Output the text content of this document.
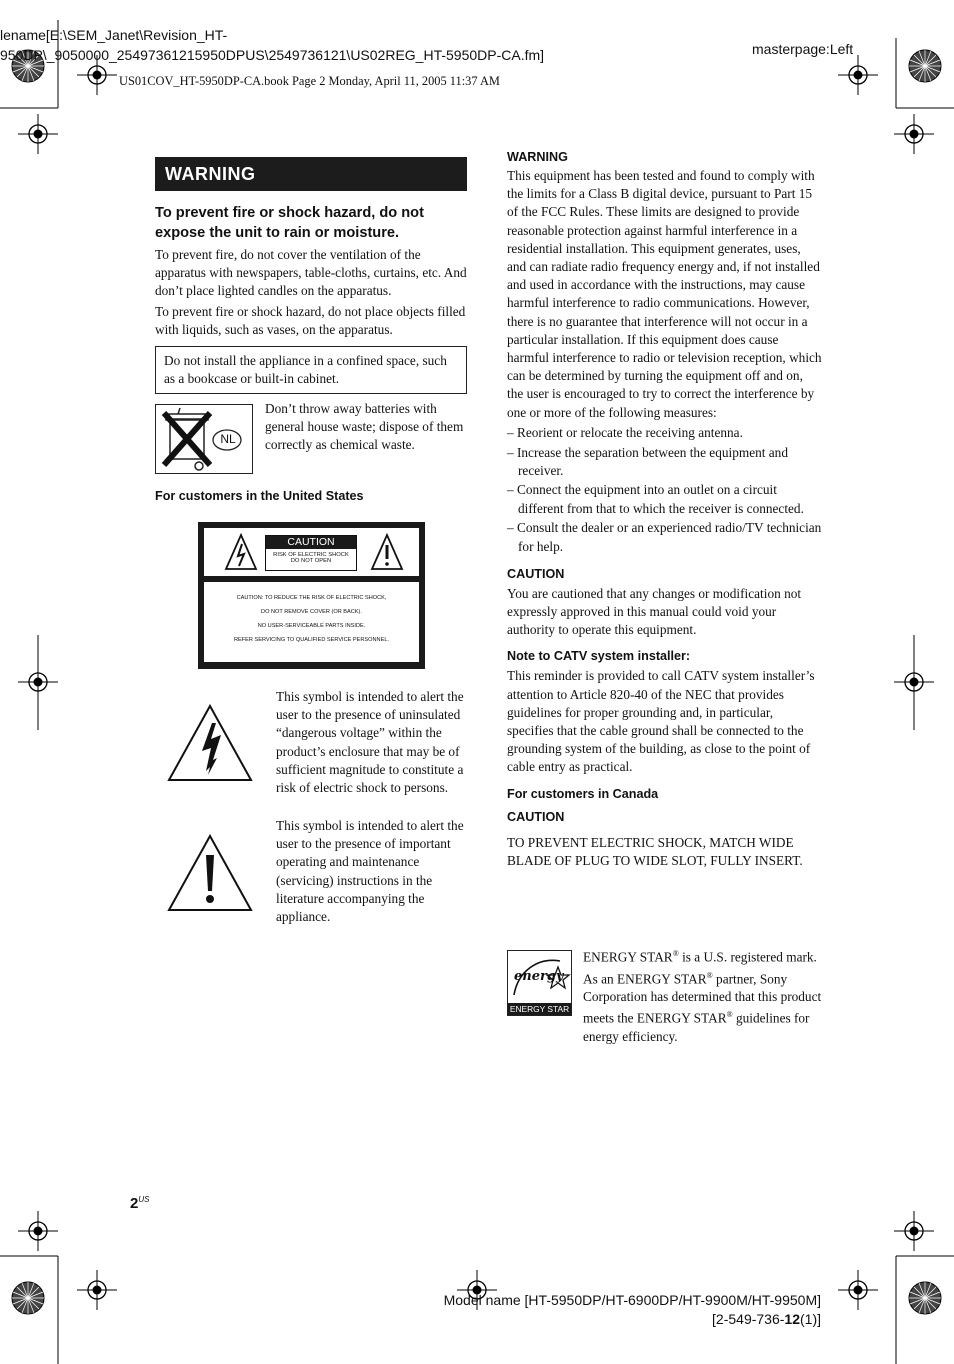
lename[E:\SEM_Janet\Revision_HT-
950DP\_9050000_25497361215950DPUS\2549736121\US02REG_HT-5950DP-CA.fm]	masterpage:Left
US01COV_HT-5950DP-CA.book Page 2 Monday, April 11, 2005 11:37 AM
WARNING
To prevent fire or shock hazard, do not expose the unit to rain or moisture.

To prevent fire, do not cover the ventilation of the apparatus with newspapers, table-cloths, curtains, etc. And don’t place lighted candles on the apparatus.

To prevent fire or shock hazard, do not place objects filled with liquids, such as vases, on the apparatus.

Do not install the appliance in a confined space, such as a bookcase or built-in cabinet.
NL

Don’t throw away batteries with general house waste; dispose of them correctly as chemical waste.

For customers in the United States
CAUTION
RISK OF ELECTRIC SHOCK
DO NOT OPEN
CAUTION: TO REDUCE THE RISK OF ELECTRIC SHOCK,
DO NOT REMOVE COVER (OR BACK).
NO USER-SERVICEABLE PARTS INSIDE.
REFER SERVICING TO QUALIFIED SERVICE PERSONNEL.

This symbol is intended to alert the user to the presence of uninsulated “dangerous voltage” within the product’s enclosure that may be of sufficient magnitude to constitute a risk of electric shock to persons.

This symbol is intended to alert the user to the presence of important operating and maintenance (servicing) instructions in the literature accompanying the appliance.

WARNING

This equipment has been tested and found to comply with the limits for a Class B digital device, pursuant to Part 15 of the FCC Rules. These limits are designed to provide reasonable protection against harmful interference in a residential installation. This equipment generates, uses, and can radiate radio frequency energy and, if not installed and used in accordance with the instructions, may cause harmful interference to radio communications. However, there is no guarantee that interference will not occur in a particular installation. If this equipment does cause harmful interference to radio or television reception, which can be determined by turning the equipment off and on, the user is encouraged to try to correct the interference by one or more of the following measures:

– Reorient or relocate the receiving antenna.
– Increase the separation between the equipment and receiver.
– Connect the equipment into an outlet on a circuit different from that to which the receiver is connected.
– Consult the dealer or an experienced radio/TV technician for help.
CAUTION

You are cautioned that any changes or modification not expressly approved in this manual could void your authority to operate this equipment.

Note to CATV system installer:

This reminder is provided to call CATV system installer’s attention to Article 820-40 of the NEC that provides guidelines for proper grounding and, in particular, specifies that the cable ground shall be connected to the grounding system of the building, as close to the point of cable entry as practical.

For customers in Canada
CAUTION

TO PREVENT ELECTRIC SHOCK, MATCH WIDE BLADE OF PLUG TO WIDE SLOT, FULLY INSERT.

energy
ENERGY STAR

ENERGY STAR® is a U.S. registered mark. As an ENERGY STAR® partner, Sony Corporation has determined that this product meets the ENERGY STAR® guidelines for energy efficiency.

$2^{US}$
Model name [HT-5950DP/HT-6900DP/HT-9900M/HT-9950M]
[2-549-736-12(1)]
